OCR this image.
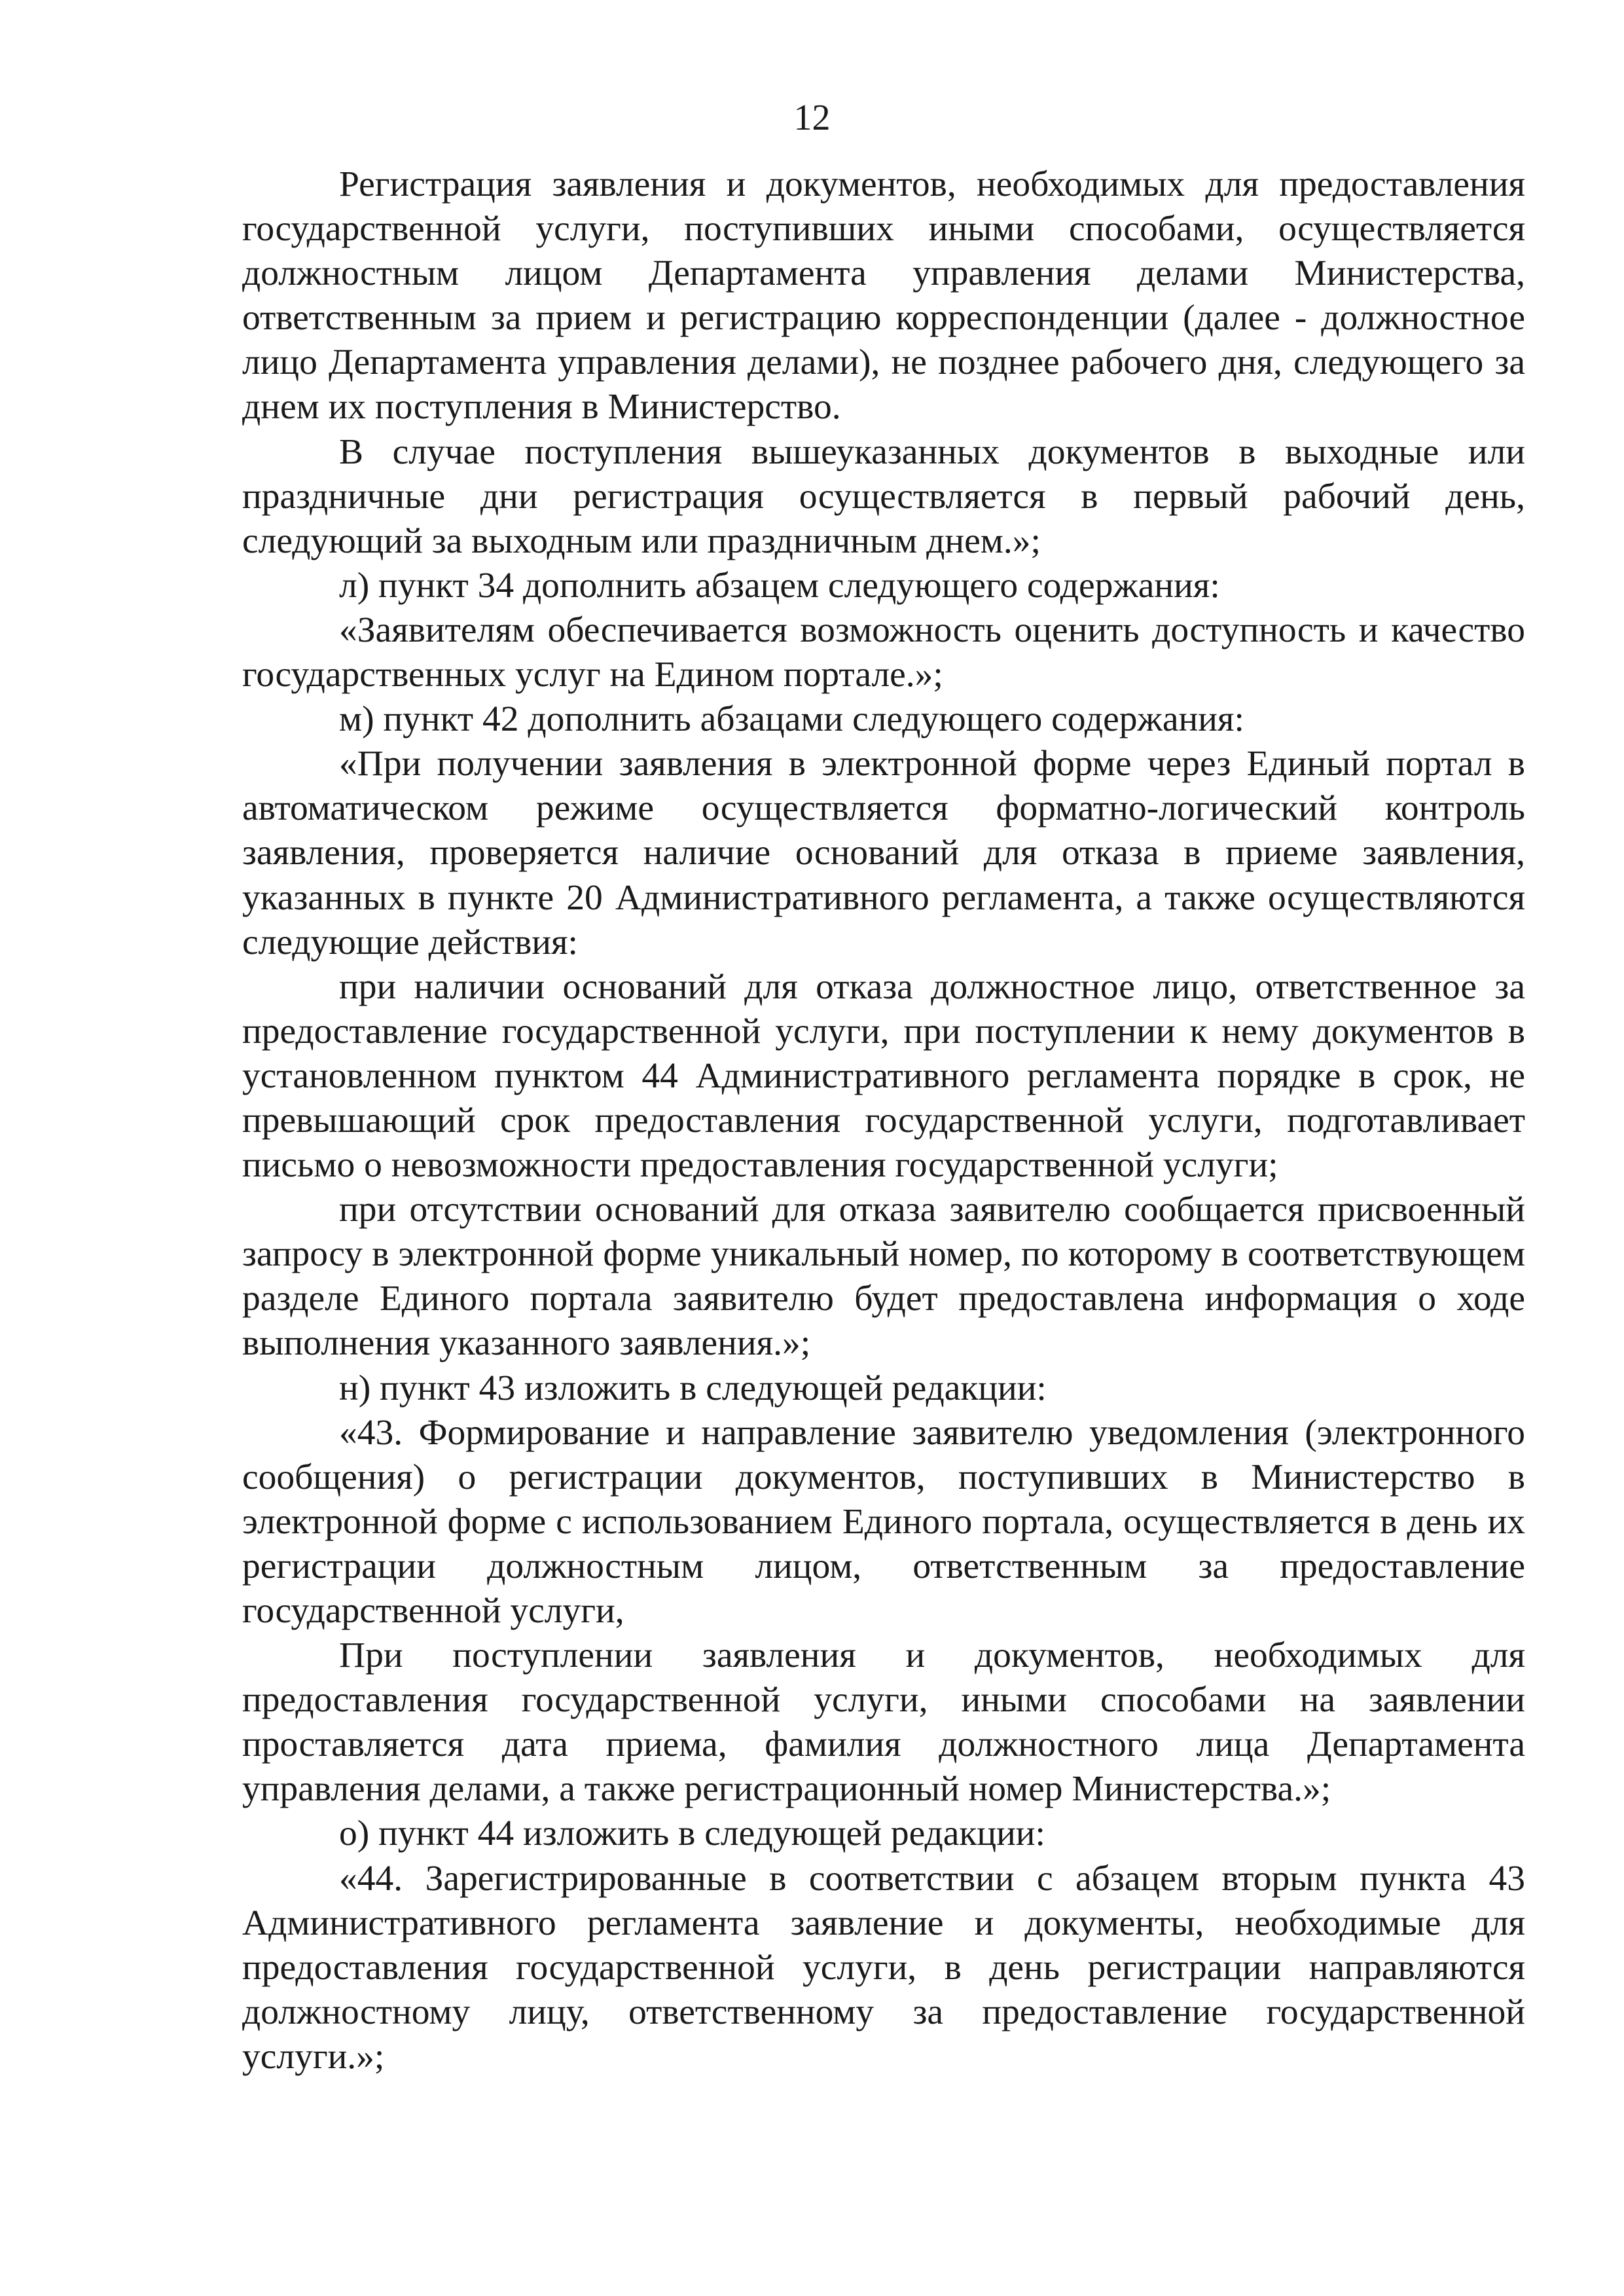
12

Регистрация заявления и документов, необходимых для предоставления государственной услуги, поступивших иными способами, осуществляется должностным лицом Департамента управления делами Министерства, ответственным за прием и регистрацию корреспонденции (далее - должностное лицо Департамента управления делами), не позднее рабочего дня, следующего за днем их поступления в Министерство.

В случае поступления вышеуказанных документов в выходные или праздничные дни регистрация осуществляется в первый рабочий день, следующий за выходным или праздничным днем.»;

л) пункт 34 дополнить абзацем следующего содержания:

«Заявителям обеспечивается возможность оценить доступность и качество государственных услуг на Едином портале.»;

м) пункт 42 дополнить абзацами следующего содержания:

«При получении заявления в электронной форме через Единый портал в автоматическом режиме осуществляется форматно-логический контроль заявления, проверяется наличие оснований для отказа в приеме заявления, указанных в пункте 20 Административного регламента, а также осуществляются следующие действия:

при наличии оснований для отказа должностное лицо, ответственное за предоставление государственной услуги, при поступлении к нему документов в установленном пунктом 44 Административного регламента порядке в срок, не превышающий срок предоставления государственной услуги, подготавливает письмо о невозможности предоставления государственной услуги;

при отсутствии оснований для отказа заявителю сообщается присвоенный запросу в электронной форме уникальный номер, по которому в соответствующем разделе Единого портала заявителю будет предоставлена информация о ходе выполнения указанного заявления.»;

н) пункт 43 изложить в следующей редакции:

«43. Формирование и направление заявителю уведомления (электронного сообщения) о регистрации документов, поступивших в Министерство в электронной форме с использованием Единого портала, осуществляется в день их регистрации должностным лицом, ответственным за предоставление государственной услуги,

При поступлении заявления и документов, необходимых для предоставления государственной услуги, иными способами на заявлении проставляется дата приема, фамилия должностного лица Департамента управления делами, а также регистрационный номер Министерства.»;

о) пункт 44 изложить в следующей редакции:

«44. Зарегистрированные в соответствии с абзацем вторым пункта 43 Административного регламента заявление и документы, необходимые для предоставления государственной услуги, в день регистрации направляются должностному лицу, ответственному за предоставление государственной услуги.»;
